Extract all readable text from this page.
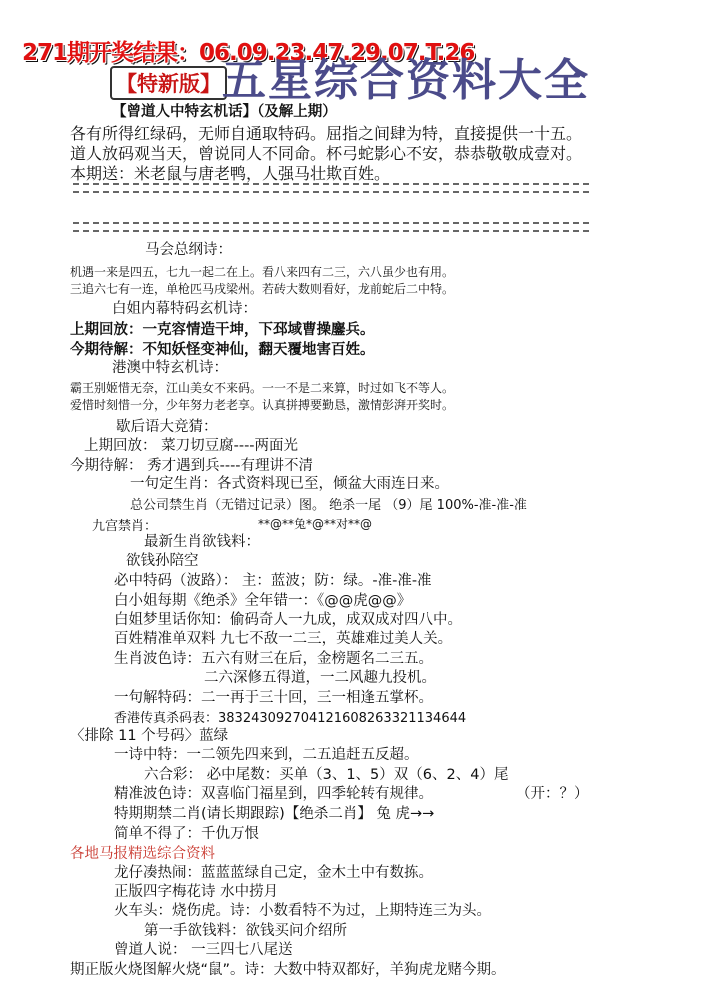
271期开奖结果：06.09.23.47.29.07.T.26
【特新版】 五星综合资料大全
【曾道人中特玄机话】（及解上期）
各有所得红绿码，无师自通取特码。屈指之间肆为特，直接提供一十五。
道人放码观当天，曾说同人不同命。杯弓蛇影心不安，恭恭敬敬成壹对。
本期送：米老鼠与唐老鸭，人强马壮欺百姓。
马会总纲诗：
机遇一来是四五，七九一起二在上。看八来四有二三，六八虽少也有用。
三追六七有一连，单枪匹马戌梁州。若砖大数则看好，龙前蛇后二中特。
白姐内幕特码玄机诗：
上期回放：一克容情造干坤，下邳域曹操鏖兵。
今期待解：不知妖怪变神仙，翻天覆地害百姓。
港澳中特玄机诗：
霸王别姬惜无奈，江山美女不来码。一一不是二来算，时过如飞不等人。
爱惜时刻惜一分，少年努力老老享。认真拼搏要勤恳，激情彭湃开奖时。
歇后语大竞猜：
上期回放： 菜刀切豆腐----两面光
今期待解： 秀才遇到兵----有理讲不清
一句定生肖：各式资料现已至，倾盆大雨连日来。
总公司禁生肖（无错过记录）图。 绝杀一尾 （9）尾 100%-准-准-准
九宫禁肖：	**@**兔*@**对**@
最新生肖欲钱料：
欲钱孙陪空
必中特码（波路）： 主：蓝波；防：绿。-准-准-准
白小姐每期《绝杀》全年错一：《@@虎@@》
白姐梦里话你知：偷码奇人一九成，成双成对四八中。
百姓精准单双料 九七不敌一二三，英雄难过美人关。
生肖波色诗：五六有财三在后，金榜题名二三五。
二六深修五得道，一二风趣九投机。
一句解特码：二一再于三十回，三一相逢五掌杯。
香港传真杀码表：383243092704121608263321134644
〈排除 11 个号码〉蓝绿
一诗中特：一二领先四来到，二五追赶五反超。
六合彩： 必中尾数：买单（3、1、5）双（6、2、4）尾
精准波色诗：双喜临门福星到，四季轮转有规律。	（开：？）
特期期禁二肖(请长期跟踪)【绝杀二肖】 兔 虎→→
简单不得了：千仇万恨
各地马报精选综合资料
龙仔凑热闹：蓝蓝蓝绿自己定，金木土中有数拣。
正版四字梅花诗 水中捞月
火车头：烧伤虎。诗：小数看特不为过，上期特连三为头。
第一手欲钱料：欲钱买问介绍所
曾道人说： 一三四七八尾送
期正版火烧图解火烧“鼠”。诗：大数中特双都好，羊狗虎龙赌今期。
